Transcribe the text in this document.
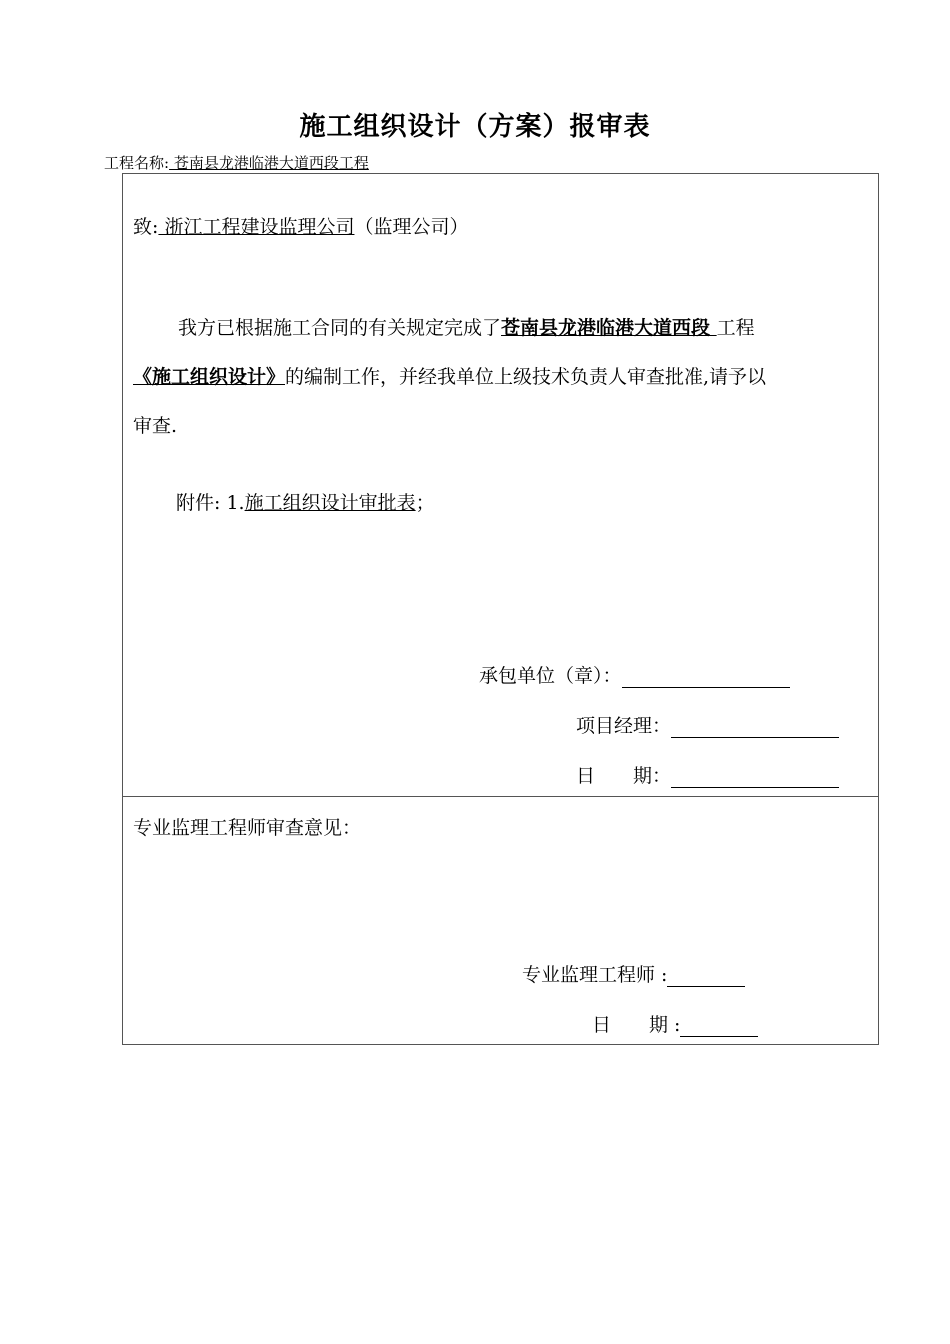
施工组织设计（方案）报审表
工程名称: 苍南县龙港临港大道西段工程
致: 浙江工程建设监理公司（监理公司）
我方已根据施工合同的有关规定完成了苍南县龙港临港大道西段 工程
《施工组织设计》的编制工作，并经我单位上级技术负责人审查批准,请予以
审查.
附件: 1.施工组织设计审批表；
承包单位（章）：
项目经理：
日　　期：
专业监理工程师审查意见：
专业监理工程师 :
日　　期 :
